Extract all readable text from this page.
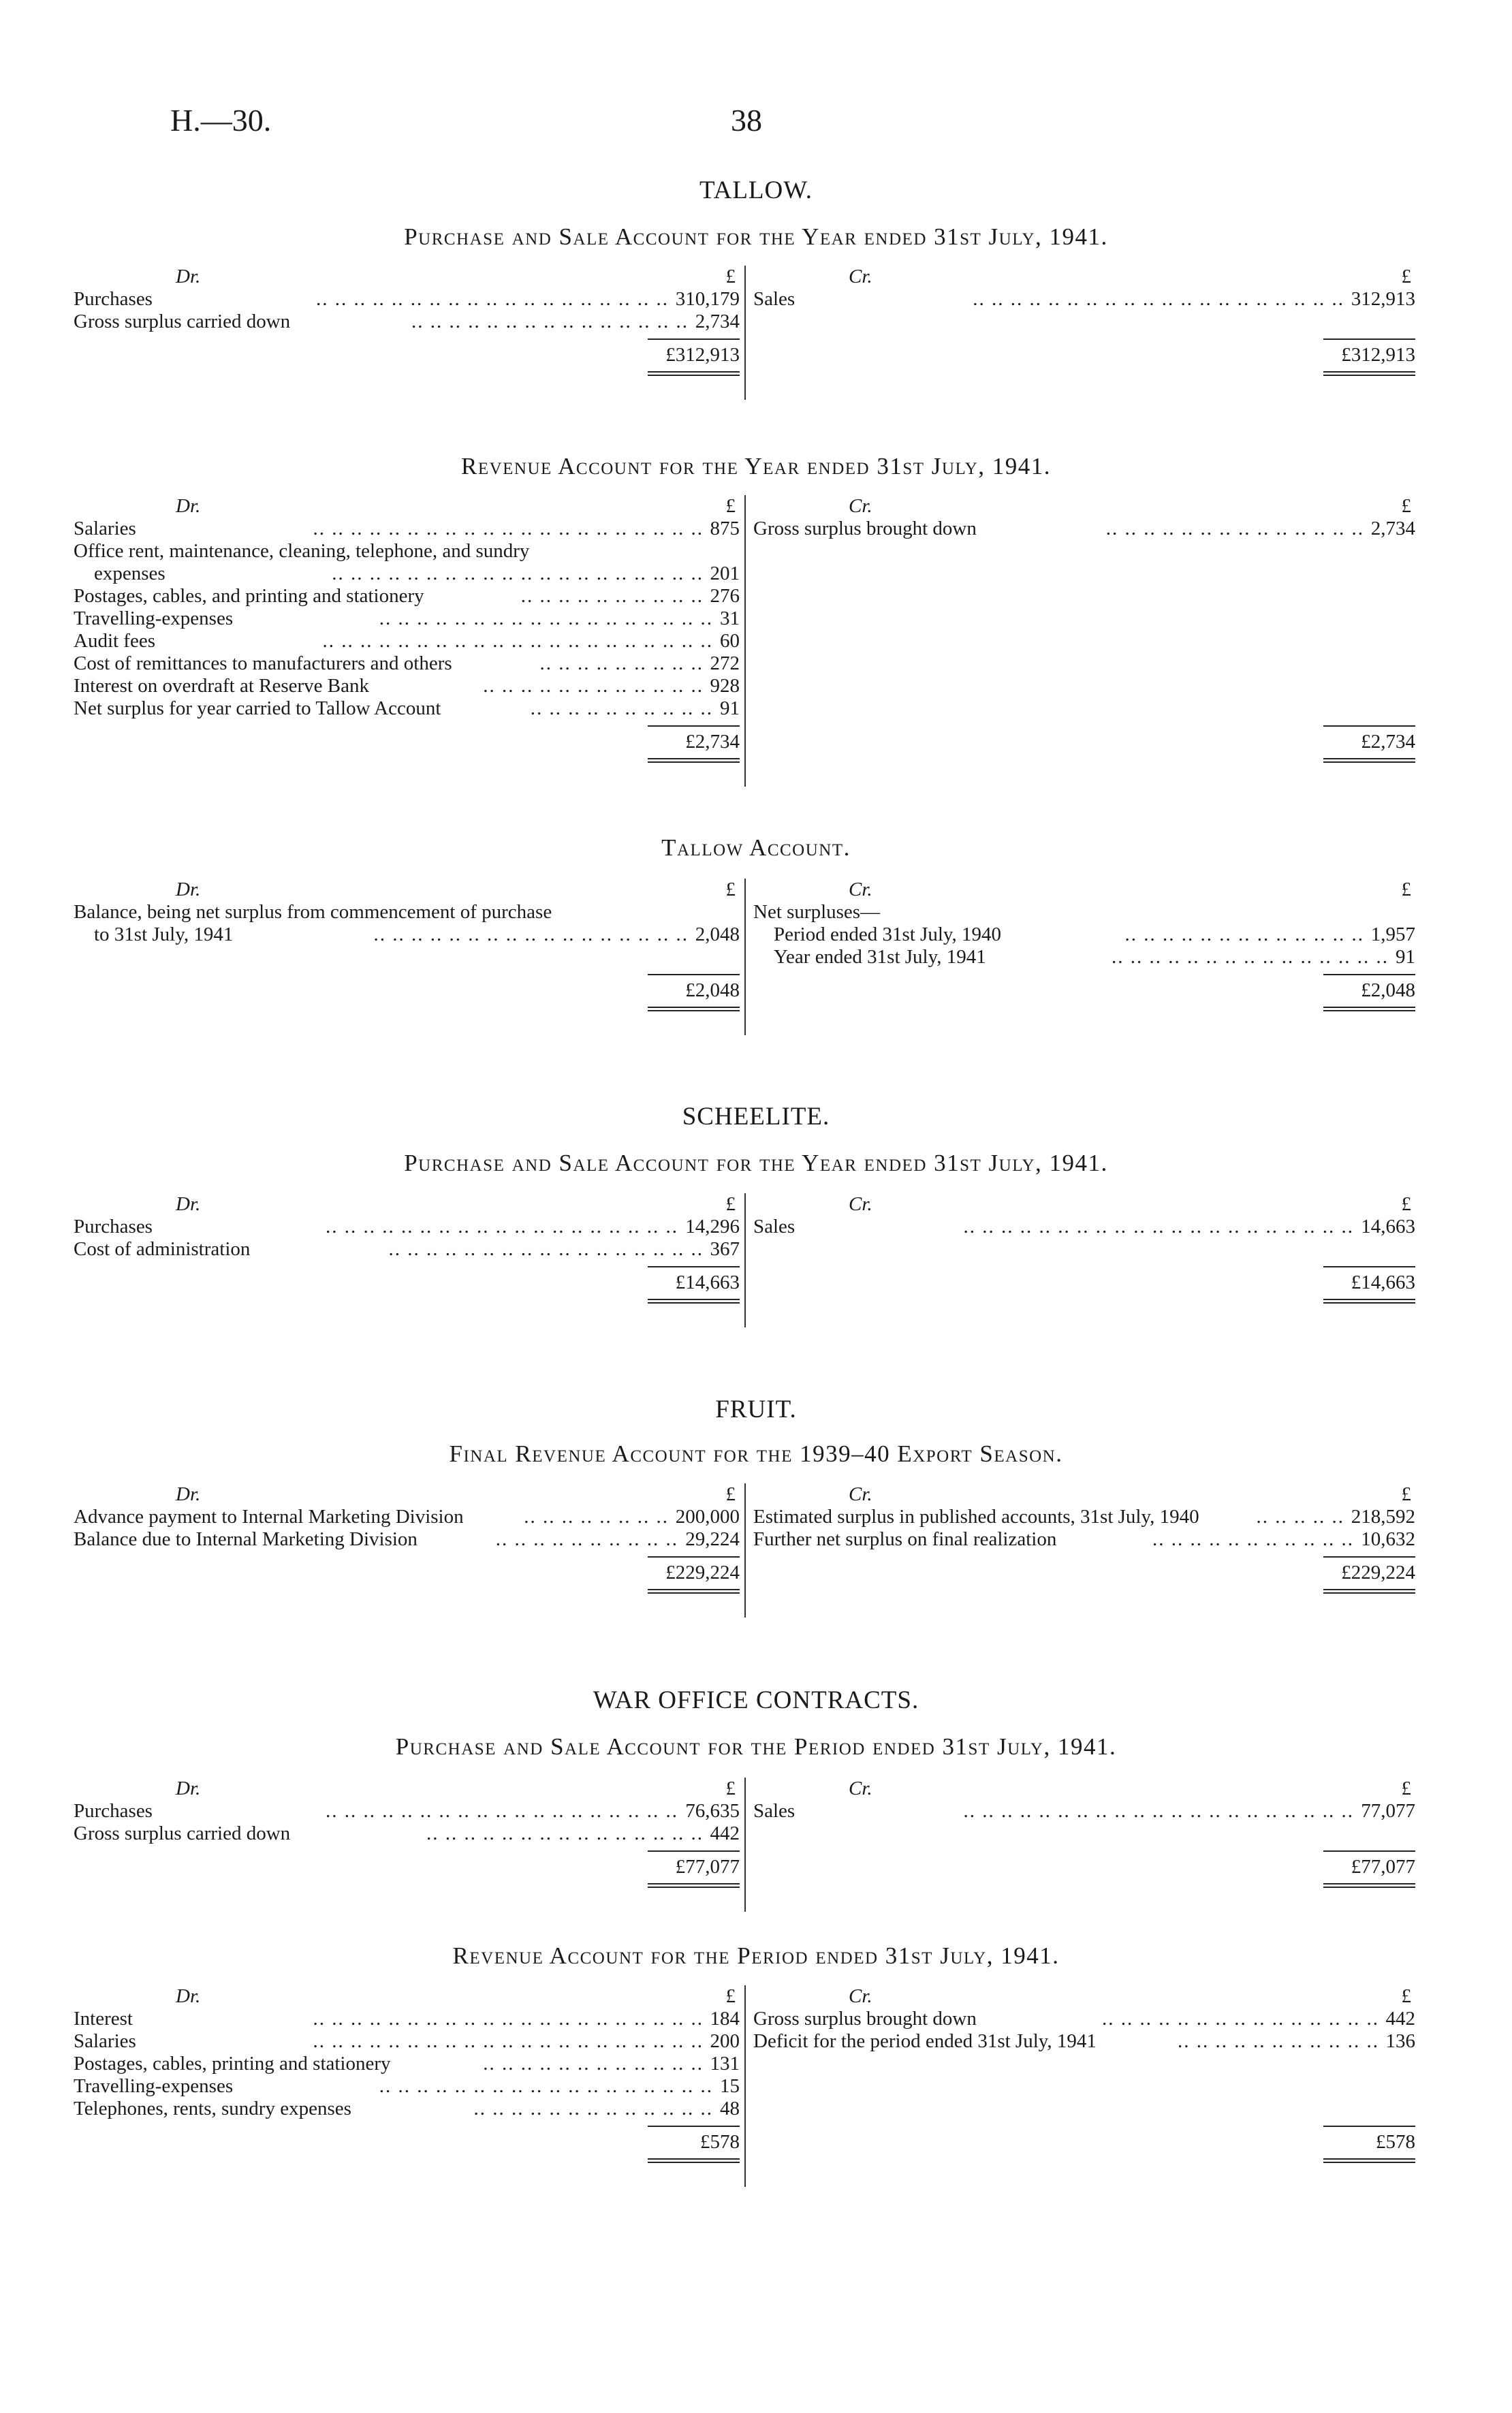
H.—30.	38
TALLOW.
Purchase and Sale Account for the Year ended 31st July, 1941.
Dr.	£
Purchases	.. .. .. .. .. .. .. .. .. .. .. .. .. .. .. .. .. .. .. 310,179
Gross surplus carried down	.. .. .. .. .. .. .. .. .. .. .. .. .. .. .. 2,734
£312,913
Cr.	£
Sales	.. .. .. .. .. .. .. .. .. .. .. .. .. .. .. .. .. .. .. .. 312,913
£312,913
Revenue Account for the Year ended 31st July, 1941.
Dr.	£
Salaries	.. .. .. .. .. .. .. .. .. .. .. .. .. .. .. .. .. .. .. .. .. 875
Office rent, maintenance, cleaning, telephone, and sundry
expenses	.. .. .. .. .. .. .. .. .. .. .. .. .. .. .. .. .. .. .. .. 201
Postages, cables, and printing and stationery	.. .. .. .. .. .. .. .. .. .. 276
Travelling-expenses	.. .. .. .. .. .. .. .. .. .. .. .. .. .. .. .. .. .. 31
Audit fees	.. .. .. .. .. .. .. .. .. .. .. .. .. .. .. .. .. .. .. .. .. 60
Cost of remittances to manufacturers and others	.. .. .. .. .. .. .. .. .. 272
Interest on overdraft at Reserve Bank	.. .. .. .. .. .. .. .. .. .. .. .. 928
Net surplus for year carried to Tallow Account	.. .. .. .. .. .. .. .. .. .. 91
£2,734
Cr.	£
Gross surplus brought down	.. .. .. .. .. .. .. .. .. .. .. .. .. .. 2,734
£2,734
Tallow Account.
Dr.	£
Balance, being net surplus from commencement of purchase
to 31st July, 1941	.. .. .. .. .. .. .. .. .. .. .. .. .. .. .. .. .. 2,048
£2,048
Cr.	£
Net surpluses—
Period ended 31st July, 1940	.. .. .. .. .. .. .. .. .. .. .. .. .. 1,957
Year ended 31st July, 1941	.. .. .. .. .. .. .. .. .. .. .. .. .. .. .. 91
£2,048
SCHEELITE.
Purchase and Sale Account for the Year ended 31st July, 1941.
Dr.	£
Purchases	.. .. .. .. .. .. .. .. .. .. .. .. .. .. .. .. .. .. .. 14,296
Cost of administration	.. .. .. .. .. .. .. .. .. .. .. .. .. .. .. .. .. 367
£14,663
Cr.	£
Sales	.. .. .. .. .. .. .. .. .. .. .. .. .. .. .. .. .. .. .. .. .. 14,663
£14,663
FRUIT.
Final Revenue Account for the 1939–40 Export Season.
Dr.	£
Advance payment to Internal Marketing Division	.. .. .. .. .. .. .. .. 200,000
Balance due to Internal Marketing Division	.. .. .. .. .. .. .. .. .. .. 29,224
£229,224
Cr.	£
Estimated surplus in published accounts, 31st July, 1940	.. .. .. .. .. 218,592
Further net surplus on final realization	.. .. .. .. .. .. .. .. .. .. .. 10,632
£229,224
WAR OFFICE CONTRACTS.
Purchase and Sale Account for the Period ended 31st July, 1941.
Dr.	£
Purchases	.. .. .. .. .. .. .. .. .. .. .. .. .. .. .. .. .. .. .. 76,635
Gross surplus carried down	.. .. .. .. .. .. .. .. .. .. .. .. .. .. .. 442
£77,077
Cr.	£
Sales	.. .. .. .. .. .. .. .. .. .. .. .. .. .. .. .. .. .. .. .. .. 77,077
£77,077
Revenue Account for the Period ended 31st July, 1941.
Dr.	£
Interest	.. .. .. .. .. .. .. .. .. .. .. .. .. .. .. .. .. .. .. .. .. 184
Salaries	.. .. .. .. .. .. .. .. .. .. .. .. .. .. .. .. .. .. .. .. .. 200
Postages, cables, printing and stationery	.. .. .. .. .. .. .. .. .. .. .. .. 131
Travelling-expenses	.. .. .. .. .. .. .. .. .. .. .. .. .. .. .. .. .. .. 15
Telephones, rents, sundry expenses	.. .. .. .. .. .. .. .. .. .. .. .. .. 48
£578
Cr.	£
Gross surplus brought down	.. .. .. .. .. .. .. .. .. .. .. .. .. .. .. 442
Deficit for the period ended 31st July, 1941	.. .. .. .. .. .. .. .. .. .. .. 136
£578
